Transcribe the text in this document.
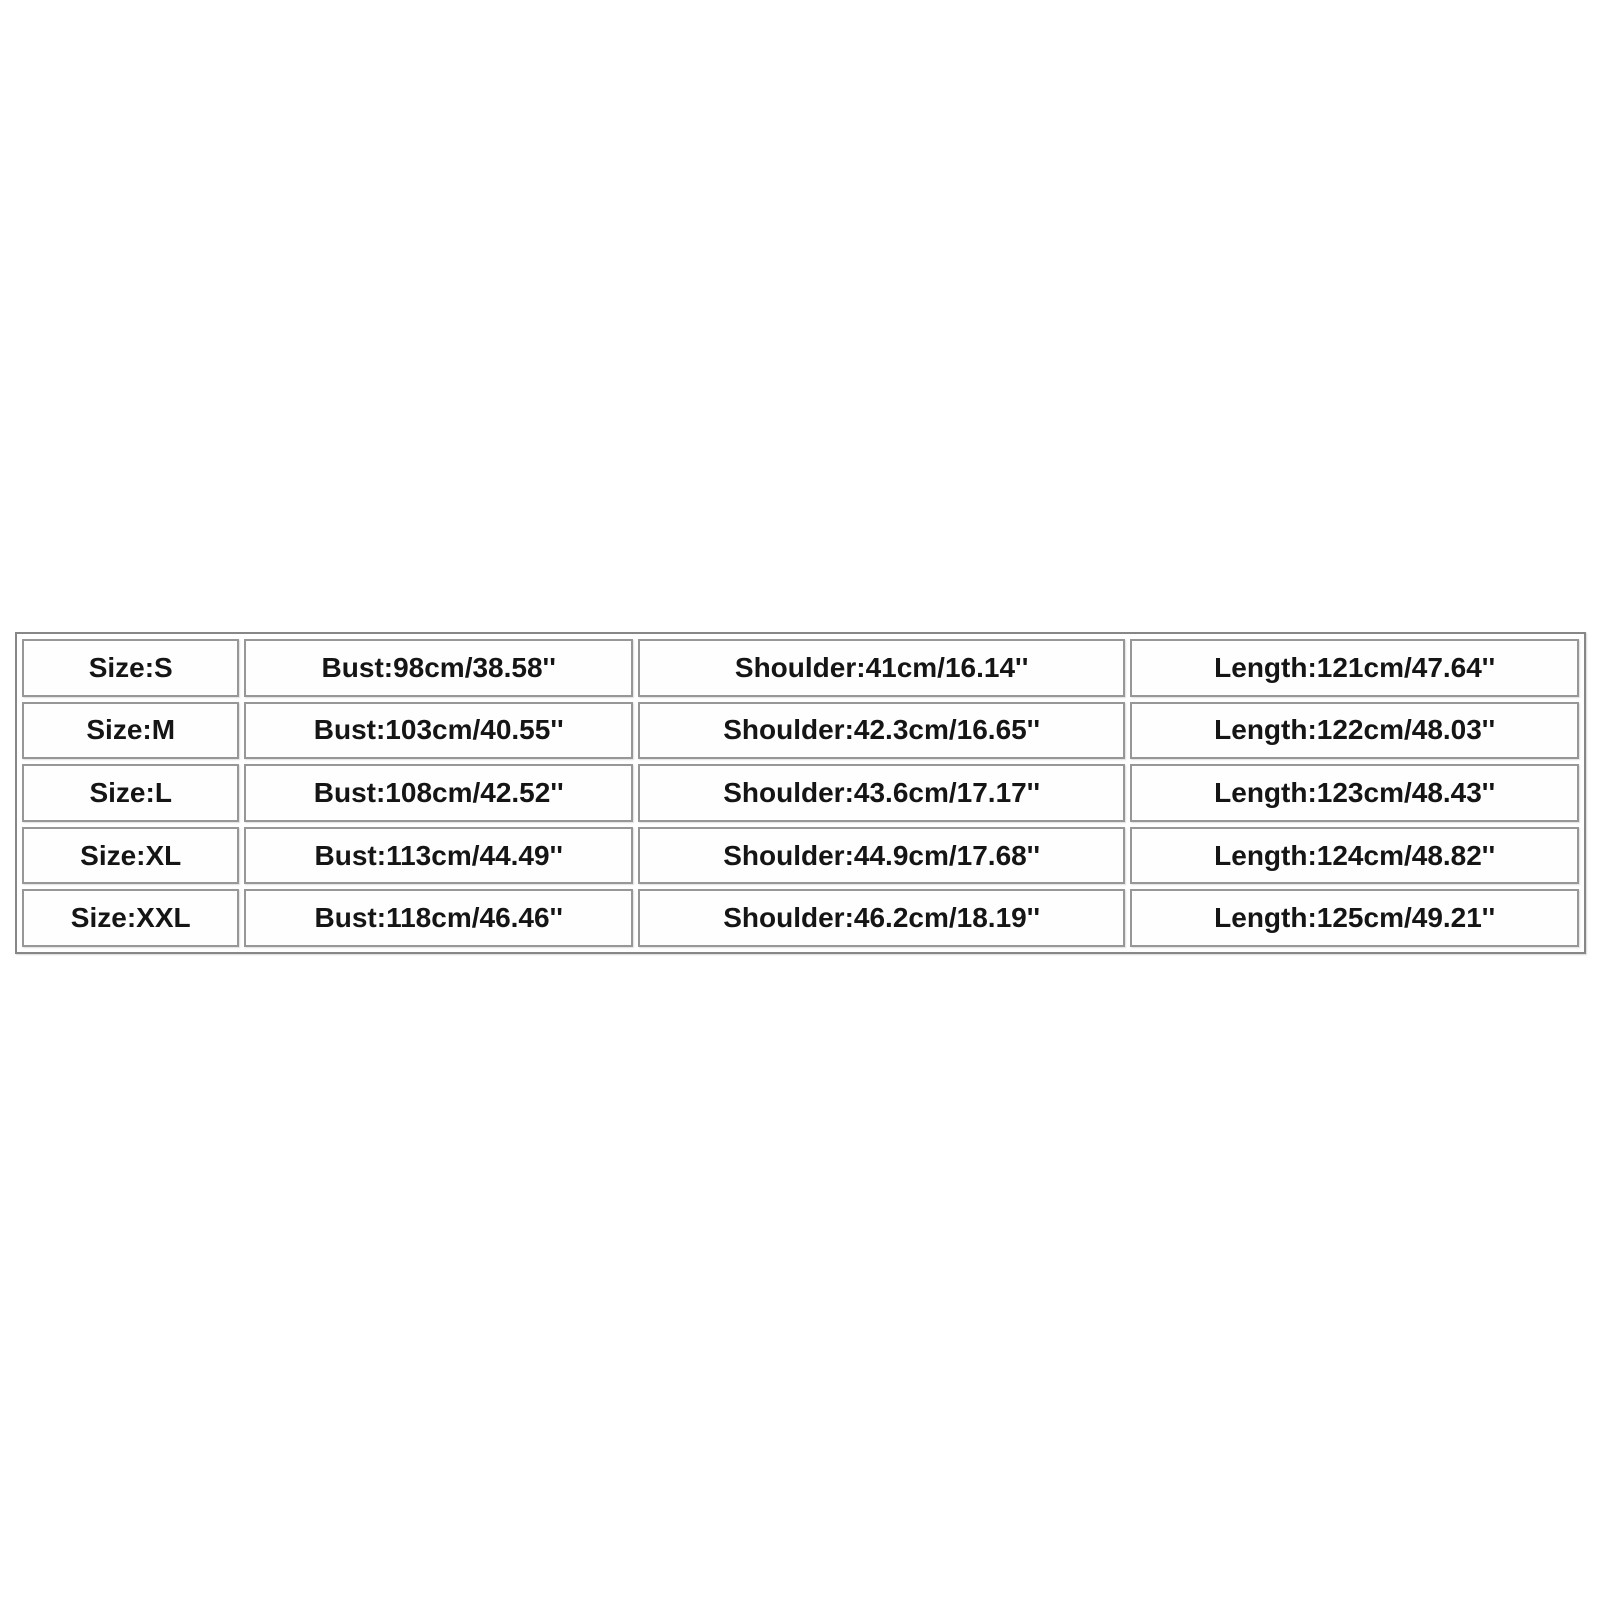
Size:S	Bust:98cm/38.58''	Shoulder:41cm/16.14''	Length:121cm/47.64''
Size:M	Bust:103cm/40.55''	Shoulder:42.3cm/16.65''	Length:122cm/48.03''
Size:L	Bust:108cm/42.52''	Shoulder:43.6cm/17.17''	Length:123cm/48.43''
Size:XL	Bust:113cm/44.49''	Shoulder:44.9cm/17.68''	Length:124cm/48.82''
Size:XXL	Bust:118cm/46.46''	Shoulder:46.2cm/18.19''	Length:125cm/49.21''
